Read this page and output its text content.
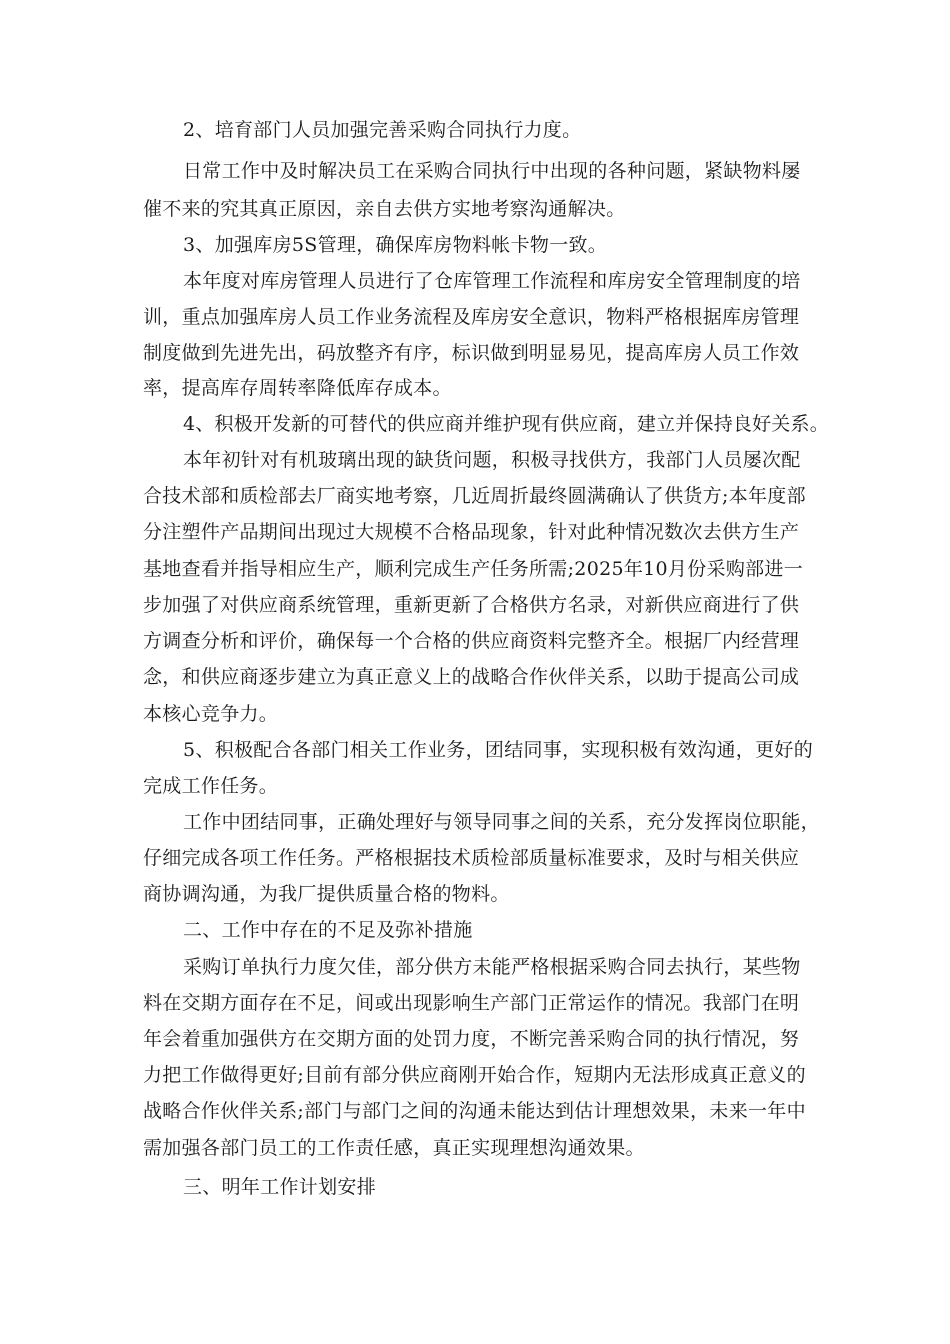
2、培育部门人员加强完善采购合同执行力度。
日常工作中及时解决员工在采购合同执行中出现的各种问题，紧缺物料屡
催不来的究其真正原因，亲自去供方实地考察沟通解决。
3、加强库房5S管理，确保库房物料帐卡物一致。
本年度对库房管理人员进行了仓库管理工作流程和库房安全管理制度的培
训，重点加强库房人员工作业务流程及库房安全意识，物料严格根据库房管理
制度做到先进先出，码放整齐有序，标识做到明显易见，提高库房人员工作效
率，提高库存周转率降低库存成本。
4、积极开发新的可替代的供应商并维护现有供应商，建立并保持良好关系。
本年初针对有机玻璃出现的缺货问题，积极寻找供方，我部门人员屡次配
合技术部和质检部去厂商实地考察，几近周折最终圆满确认了供货方;本年度部
分注塑件产品期间出现过大规模不合格品现象，针对此种情况数次去供方生产
基地查看并指导相应生产，顺利完成生产任务所需;2025年10月份采购部进一
步加强了对供应商系统管理，重新更新了合格供方名录，对新供应商进行了供
方调查分析和评价，确保每一个合格的供应商资料完整齐全。根据厂内经营理
念，和供应商逐步建立为真正意义上的战略合作伙伴关系，以助于提高公司成
本核心竞争力。
5、积极配合各部门相关工作业务，团结同事，实现积极有效沟通，更好的
完成工作任务。
工作中团结同事，正确处理好与领导同事之间的关系，充分发挥岗位职能，
仔细完成各项工作任务。严格根据技术质检部质量标准要求，及时与相关供应
商协调沟通，为我厂提供质量合格的物料。
二、工作中存在的不足及弥补措施
采购订单执行力度欠佳，部分供方未能严格根据采购合同去执行，某些物
料在交期方面存在不足，间或出现影响生产部门正常运作的情况。我部门在明
年会着重加强供方在交期方面的处罚力度，不断完善采购合同的执行情况，努
力把工作做得更好;目前有部分供应商刚开始合作，短期内无法形成真正意义的
战略合作伙伴关系;部门与部门之间的沟通未能达到估计理想效果，未来一年中
需加强各部门员工的工作责任感，真正实现理想沟通效果。
三、明年工作计划安排
